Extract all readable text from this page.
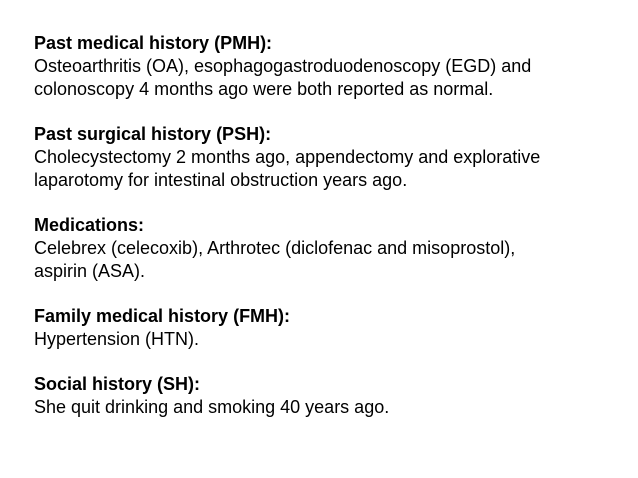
Past medical history (PMH):

Osteoarthritis (OA), esophagogastroduodenoscopy (EGD) and

colonoscopy 4 months ago were both reported as normal.

Past surgical history (PSH):

Cholecystectomy 2 months ago, appendectomy and explorative

laparotomy for intestinal obstruction years ago.

Medications:

Celebrex (celecoxib), Arthrotec (diclofenac and misoprostol),

aspirin (ASA).

Family medical history (FMH):

Hypertension (HTN).

Social history (SH):

She quit drinking and smoking 40 years ago.
